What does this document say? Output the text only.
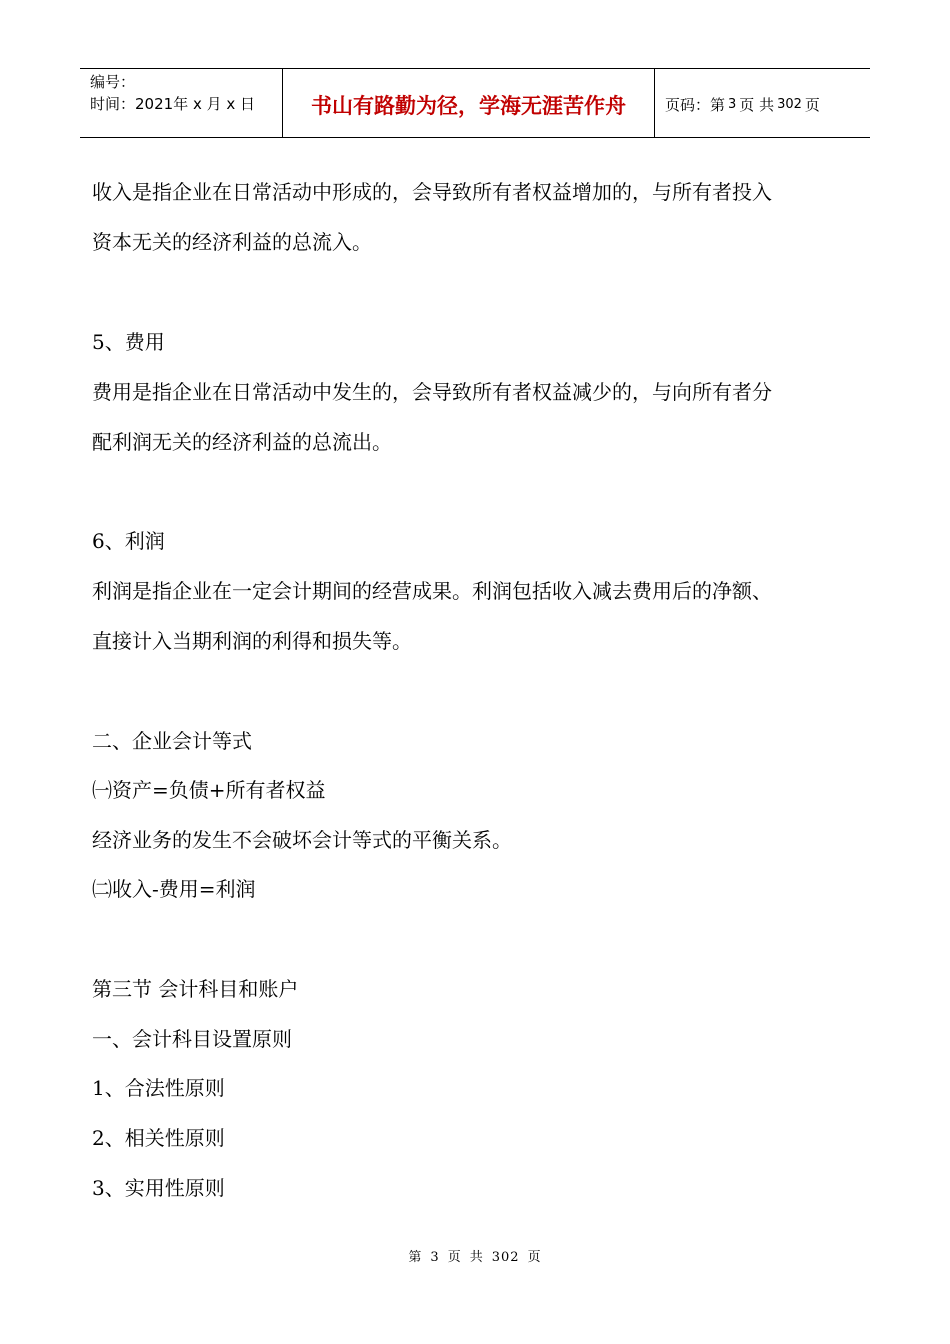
编号：
时间：2021年 x 月 x 日	书山有路勤为径，学海无涯苦作舟	页码：第 3 页 共 302 页
收入是指企业在日常活动中形成的，会导致所有者权益增加的，与所有者投入
资本无关的经济利益的总流入。
5、费用
费用是指企业在日常活动中发生的，会导致所有者权益减少的，与向所有者分
配利润无关的经济利益的总流出。
6、利润
利润是指企业在一定会计期间的经营成果。利润包括收入减去费用后的净额、
直接计入当期利润的利得和损失等。
二、企业会计等式
㈠资产=负债+所有者权益
经济业务的发生不会破坏会计等式的平衡关系。
㈡收入-费用=利润
第三节 会计科目和账户
一、会计科目设置原则
1、合法性原则
2、相关性原则
3、实用性原则
第 3 页 共 302 页
